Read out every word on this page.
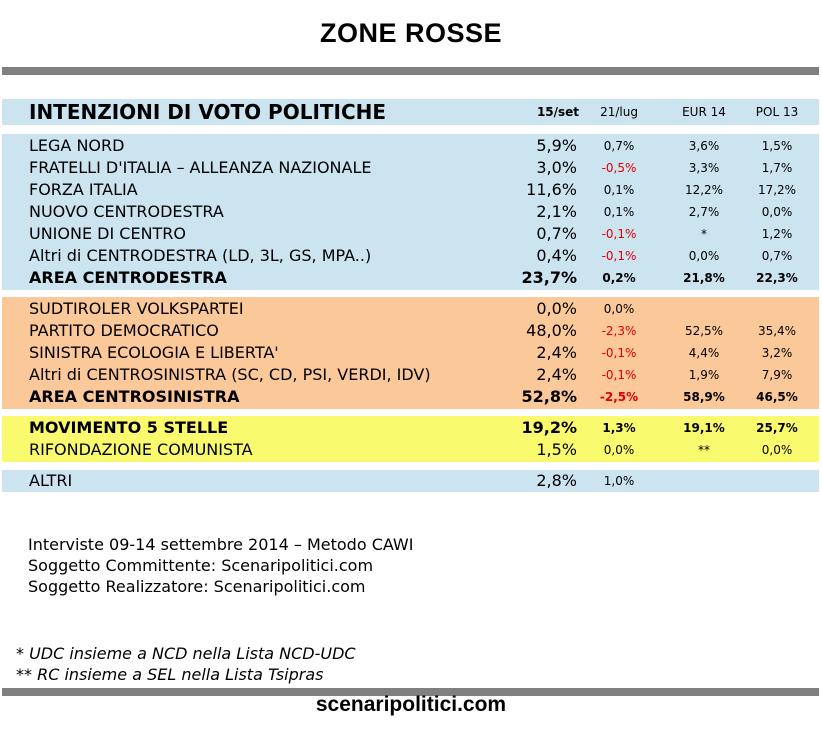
ZONE ROSSE
INTENZIONI DI VOTO POLITICHE	15/set	21/lug	EUR 14	POL 13
LEGA NORD	5,9%	0,7%	3,6%	1,5%
FRATELLI D'ITALIA – ALLEANZA NAZIONALE	3,0%	-0,5%	3,3%	1,7%
FORZA ITALIA	11,6%	0,1%	12,2%	17,2%
NUOVO CENTRODESTRA	2,1%	0,1%	2,7%	0,0%
UNIONE DI CENTRO	0,7%	-0,1%	*	1,2%
Altri di CENTRODESTRA (LD, 3L, GS, MPA..)	0,4%	-0,1%	0,0%	0,7%
AREA CENTRODESTRA	23,7%	0,2%	21,8%	22,3%
SUDTIROLER VOLKSPARTEI	0,0%	0,0%
PARTITO DEMOCRATICO	48,0%	-2,3%	52,5%	35,4%
SINISTRA ECOLOGIA E LIBERTA'	2,4%	-0,1%	4,4%	3,2%
Altri di CENTROSINISTRA (SC, CD, PSI, VERDI, IDV)	2,4%	-0,1%	1,9%	7,9%
AREA CENTROSINISTRA	52,8%	-2,5%	58,9%	46,5%
MOVIMENTO 5 STELLE	19,2%	1,3%	19,1%	25,7%
RIFONDAZIONE COMUNISTA	1,5%	0,0%	**	0,0%
ALTRI	2,8%	1,0%
Interviste 09-14 settembre 2014 – Metodo CAWI
Soggetto Committente: Scenaripolitici.com
Soggetto Realizzatore: Scenaripolitici.com
* UDC insieme a NCD nella Lista NCD-UDC
** RC insieme a SEL nella Lista Tsipras
scenaripolitici.com
